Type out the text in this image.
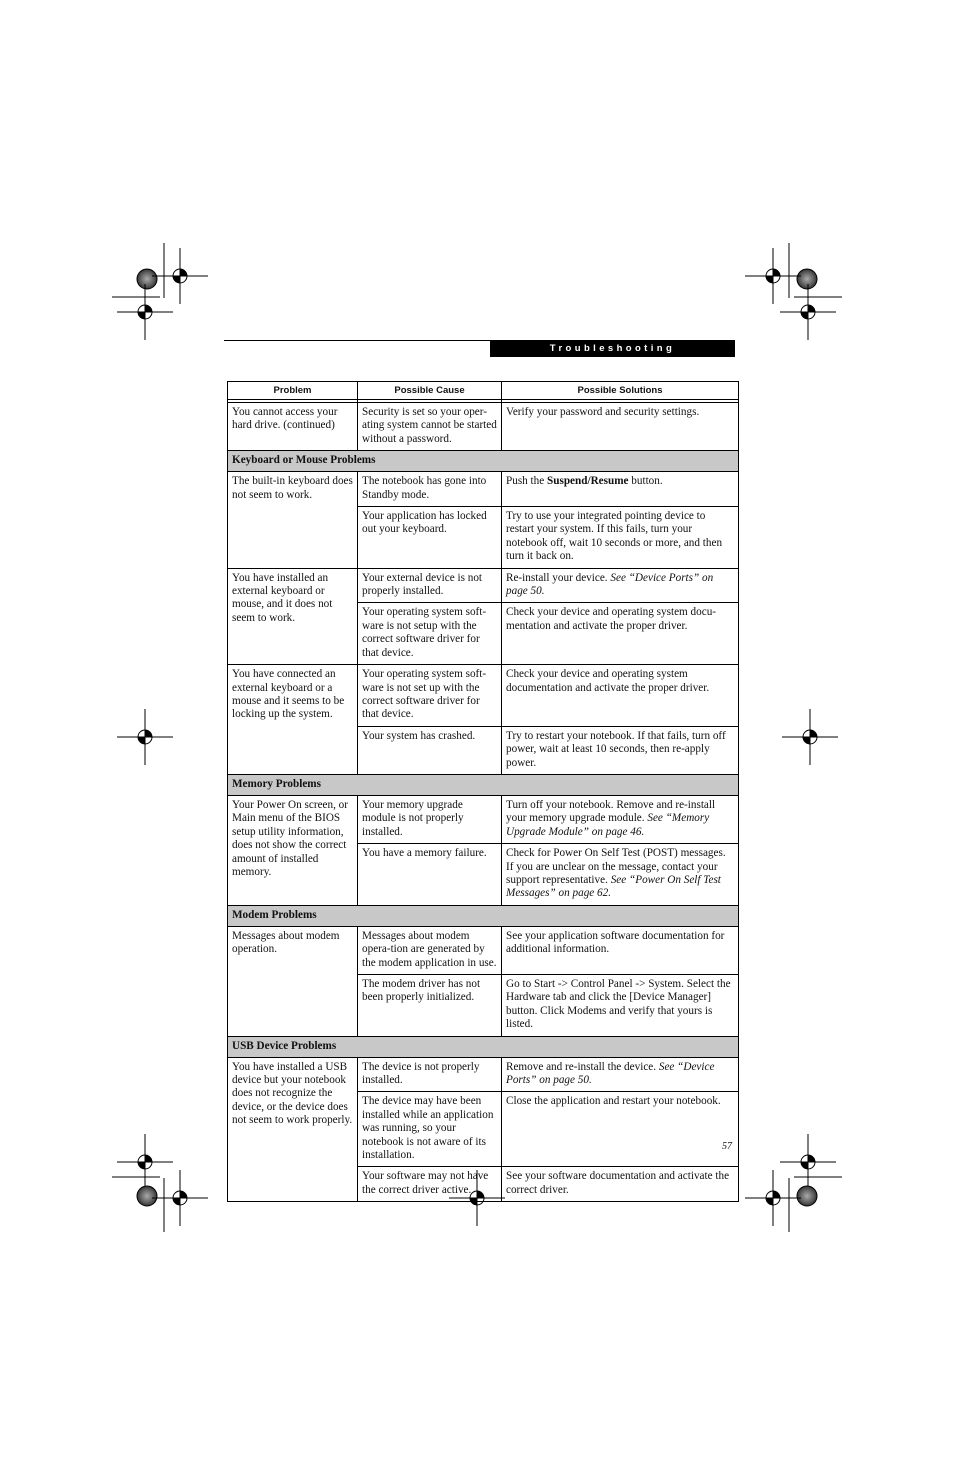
Troubleshooting
Problem	Possible Cause	Possible Solutions

You cannot access your hard drive. (continued)	Security is set so your oper-ating system cannot be started without a password.	Verify your password and security settings.
Keyboard or Mouse Problems		
The built-in keyboard does not seem to work.	The notebook has gone into Standby mode.	Push the Suspend/Resume button.
	Your application has locked out your keyboard.	Try to use your integrated pointing device to restart your system. If this fails, turn your notebook off, wait 10 seconds or more, and then turn it back on.
You have installed an external keyboard or mouse, and it does not seem to work.	Your external device is not properly installed.	Re-install your device. See “Device Ports” on page 50.
	Your operating system soft-ware is not setup with the correct software driver for that device.	Check your device and operating system docu-mentation and activate the proper driver.
You have connected an external keyboard or a mouse and it seems to be locking up the system.	Your operating system soft-ware is not set up with the correct software driver for that device.	Check your device and operating system documentation and activate the proper driver.
	Your system has crashed.	Try to restart your notebook. If that fails, turn off power, wait at least 10 seconds, then re-apply power.
Memory Problems		
Your Power On screen, or Main menu of the BIOS setup utility information, does not show the correct amount of installed memory.	Your memory upgrade module is not properly installed.	Turn off your notebook. Remove and re-install your memory upgrade module. See “Memory Upgrade Module” on page 46.
	You have a memory failure.	Check for Power On Self Test (POST) messages. If you are unclear on the message, contact your support representative. See “Power On Self Test Messages” on page 62.
Modem Problems		
Messages about modem operation.	Messages about modem opera-tion are generated by the modem application in use.	See your application software documentation for additional information.
	The modem driver has not been properly initialized.	Go to Start -> Control Panel -> System. Select the Hardware tab and click the [Device Manager] button. Click Modems and verify that yours is listed.
USB Device Problems		
You have installed a USB device but your notebook does not recognize the device, or the device does not seem to work properly.	The device is not properly installed.	Remove and re-install the device. See “Device Ports” on page 50.
	The device may have been installed while an application was running, so your notebook is not aware of its installation.	Close the application and restart your notebook.
	Your software may not have the correct driver active.	See your software documentation and activate the correct driver.
57
